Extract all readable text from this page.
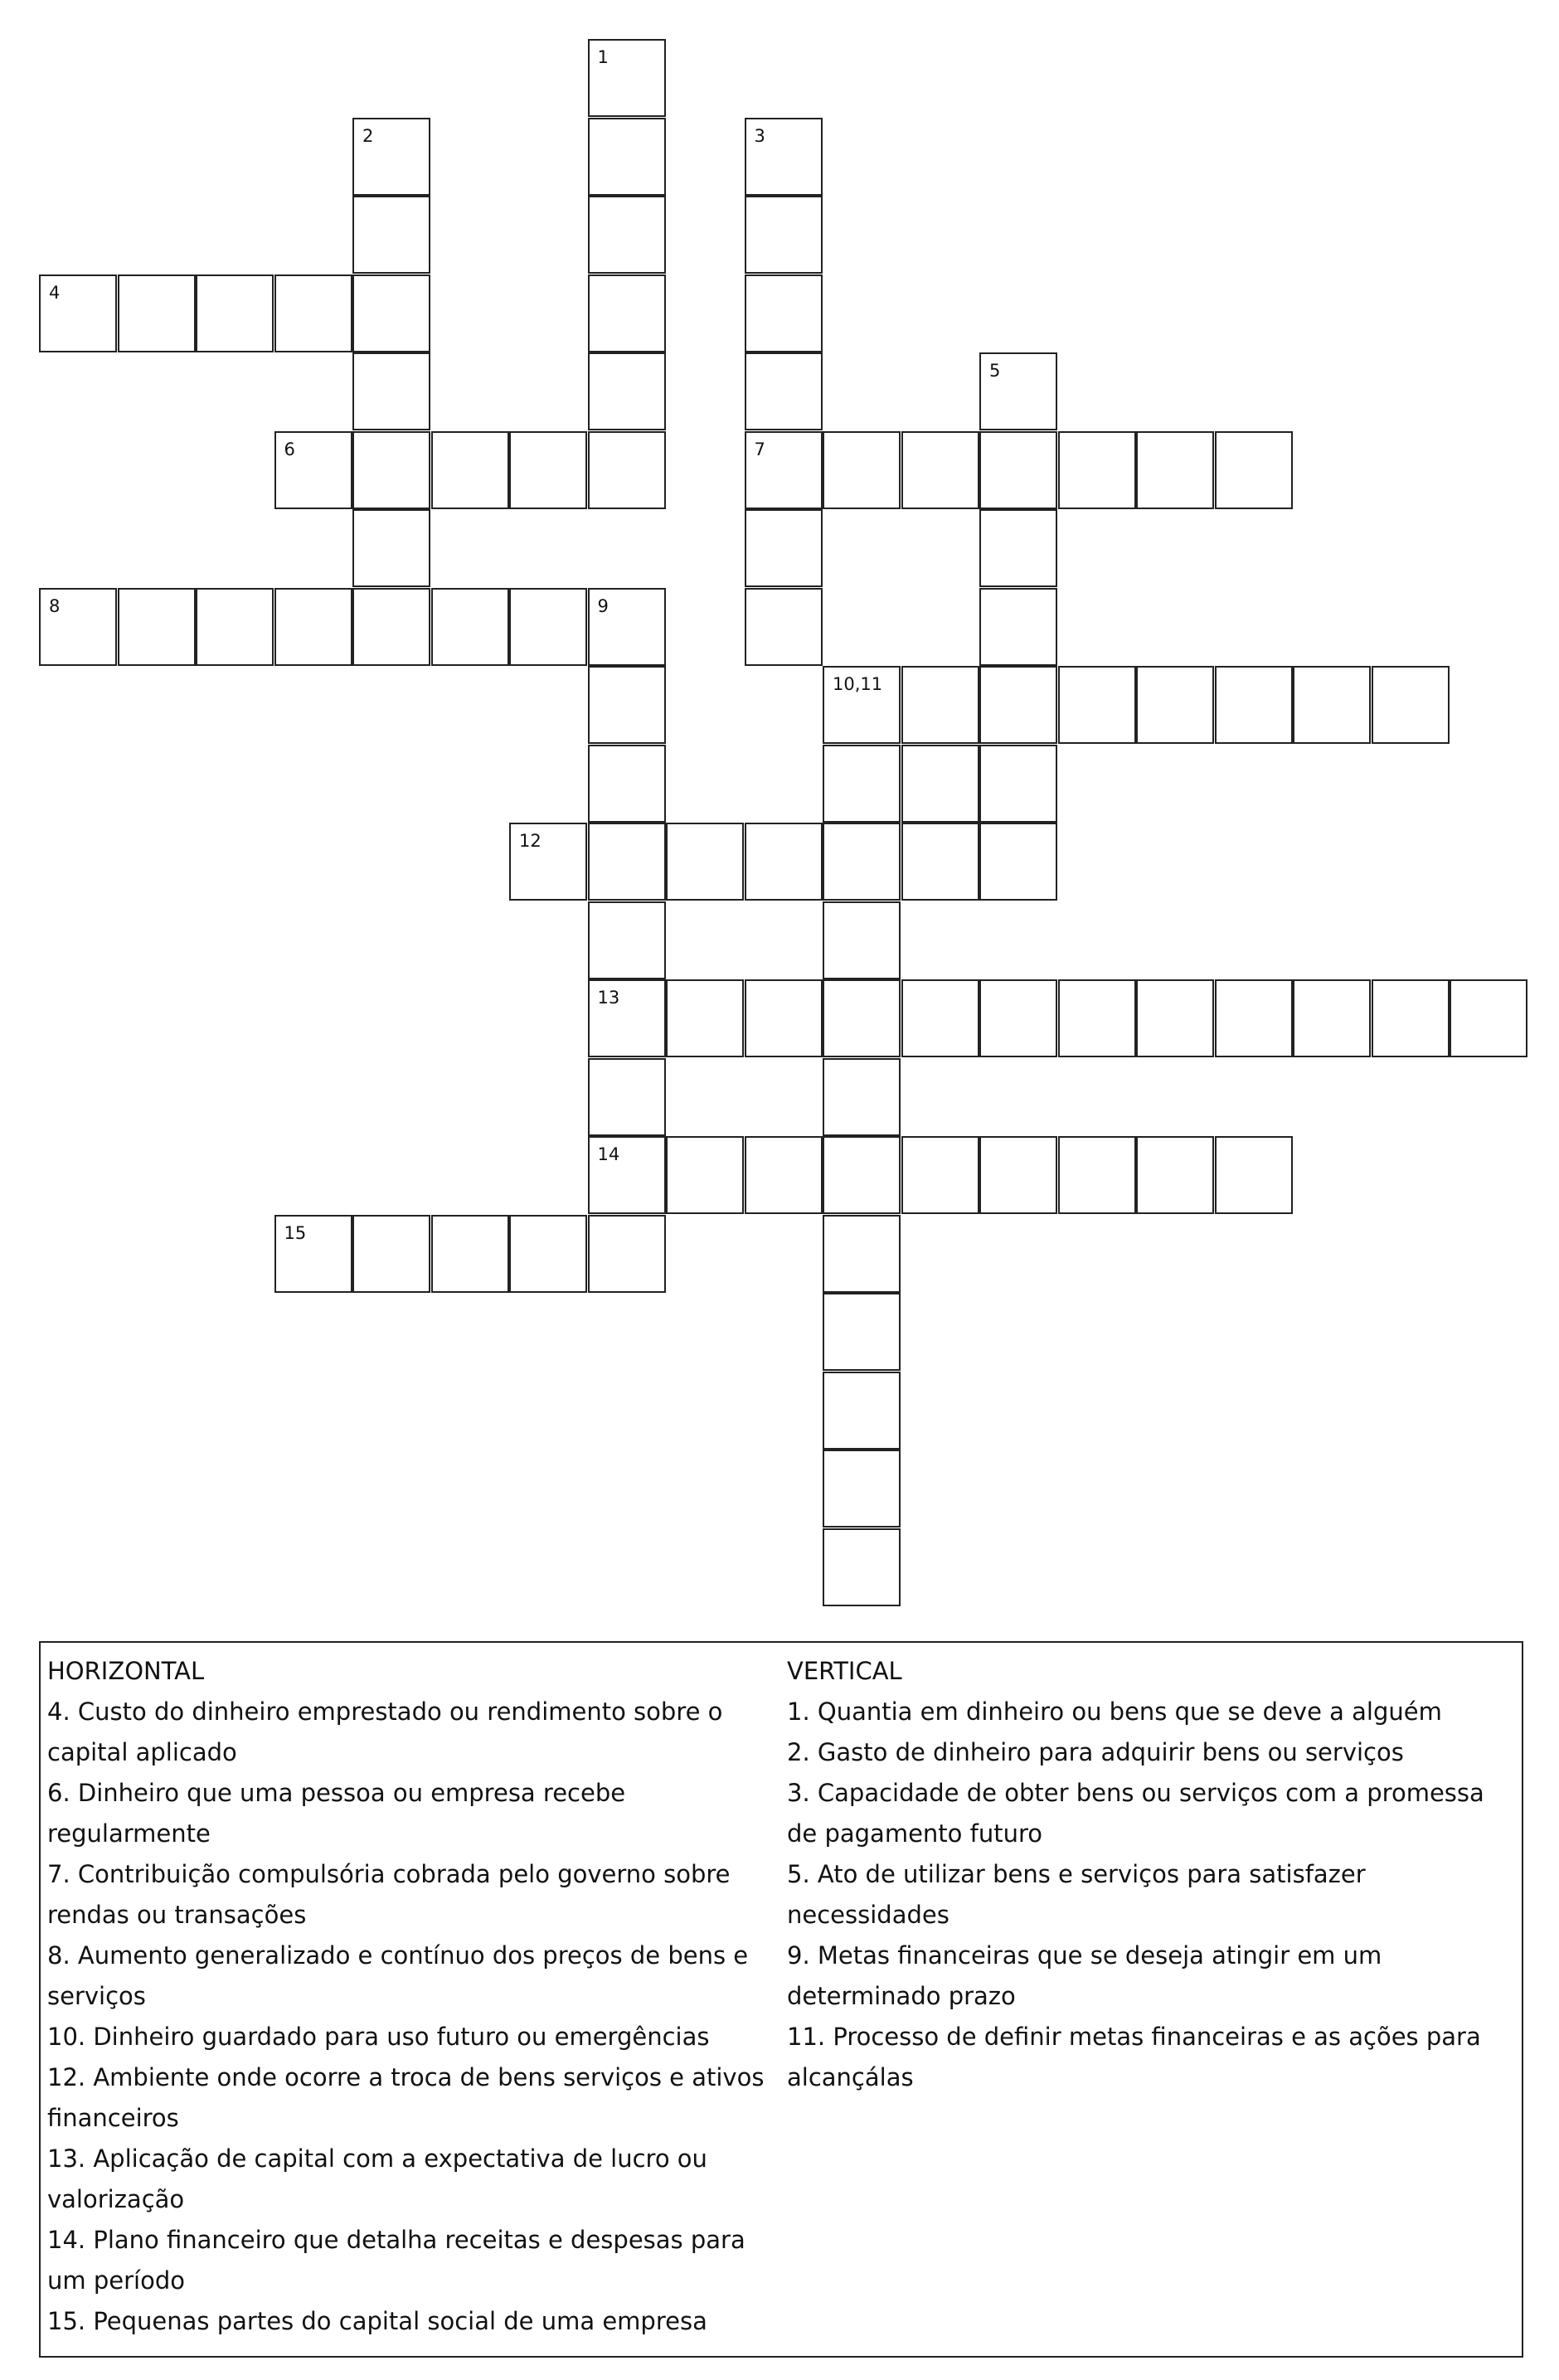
4
6	7
8	9
10,11
12
13
14
15
1
2	3
5

HORIZONTAL

4. Custo do dinheiro emprestado ou rendimento sobre o capital aplicado

6. Dinheiro que uma pessoa ou empresa recebe regularmente

7. Contribuição compulsória cobrada pelo governo sobre rendas ou transações

8. Aumento generalizado e contínuo dos preços de bens e serviços

10. Dinheiro guardado para uso futuro ou emergências

12. Ambiente onde ocorre a troca de bens serviços e ativos financeiros

13. Aplicação de capital com a expectativa de lucro ou valorização

14. Plano financeiro que detalha receitas e despesas para um período

15. Pequenas partes do capital social de uma empresa

VERTICAL

1. Quantia em dinheiro ou bens que se deve a alguém

2. Gasto de dinheiro para adquirir bens ou serviços

3. Capacidade de obter bens ou serviços com a promessa de pagamento futuro

5. Ato de utilizar bens e serviços para satisfazer necessidades

9. Metas financeiras que se deseja atingir em um determinado prazo

11. Processo de definir metas financeiras e as ações para alcançálas
